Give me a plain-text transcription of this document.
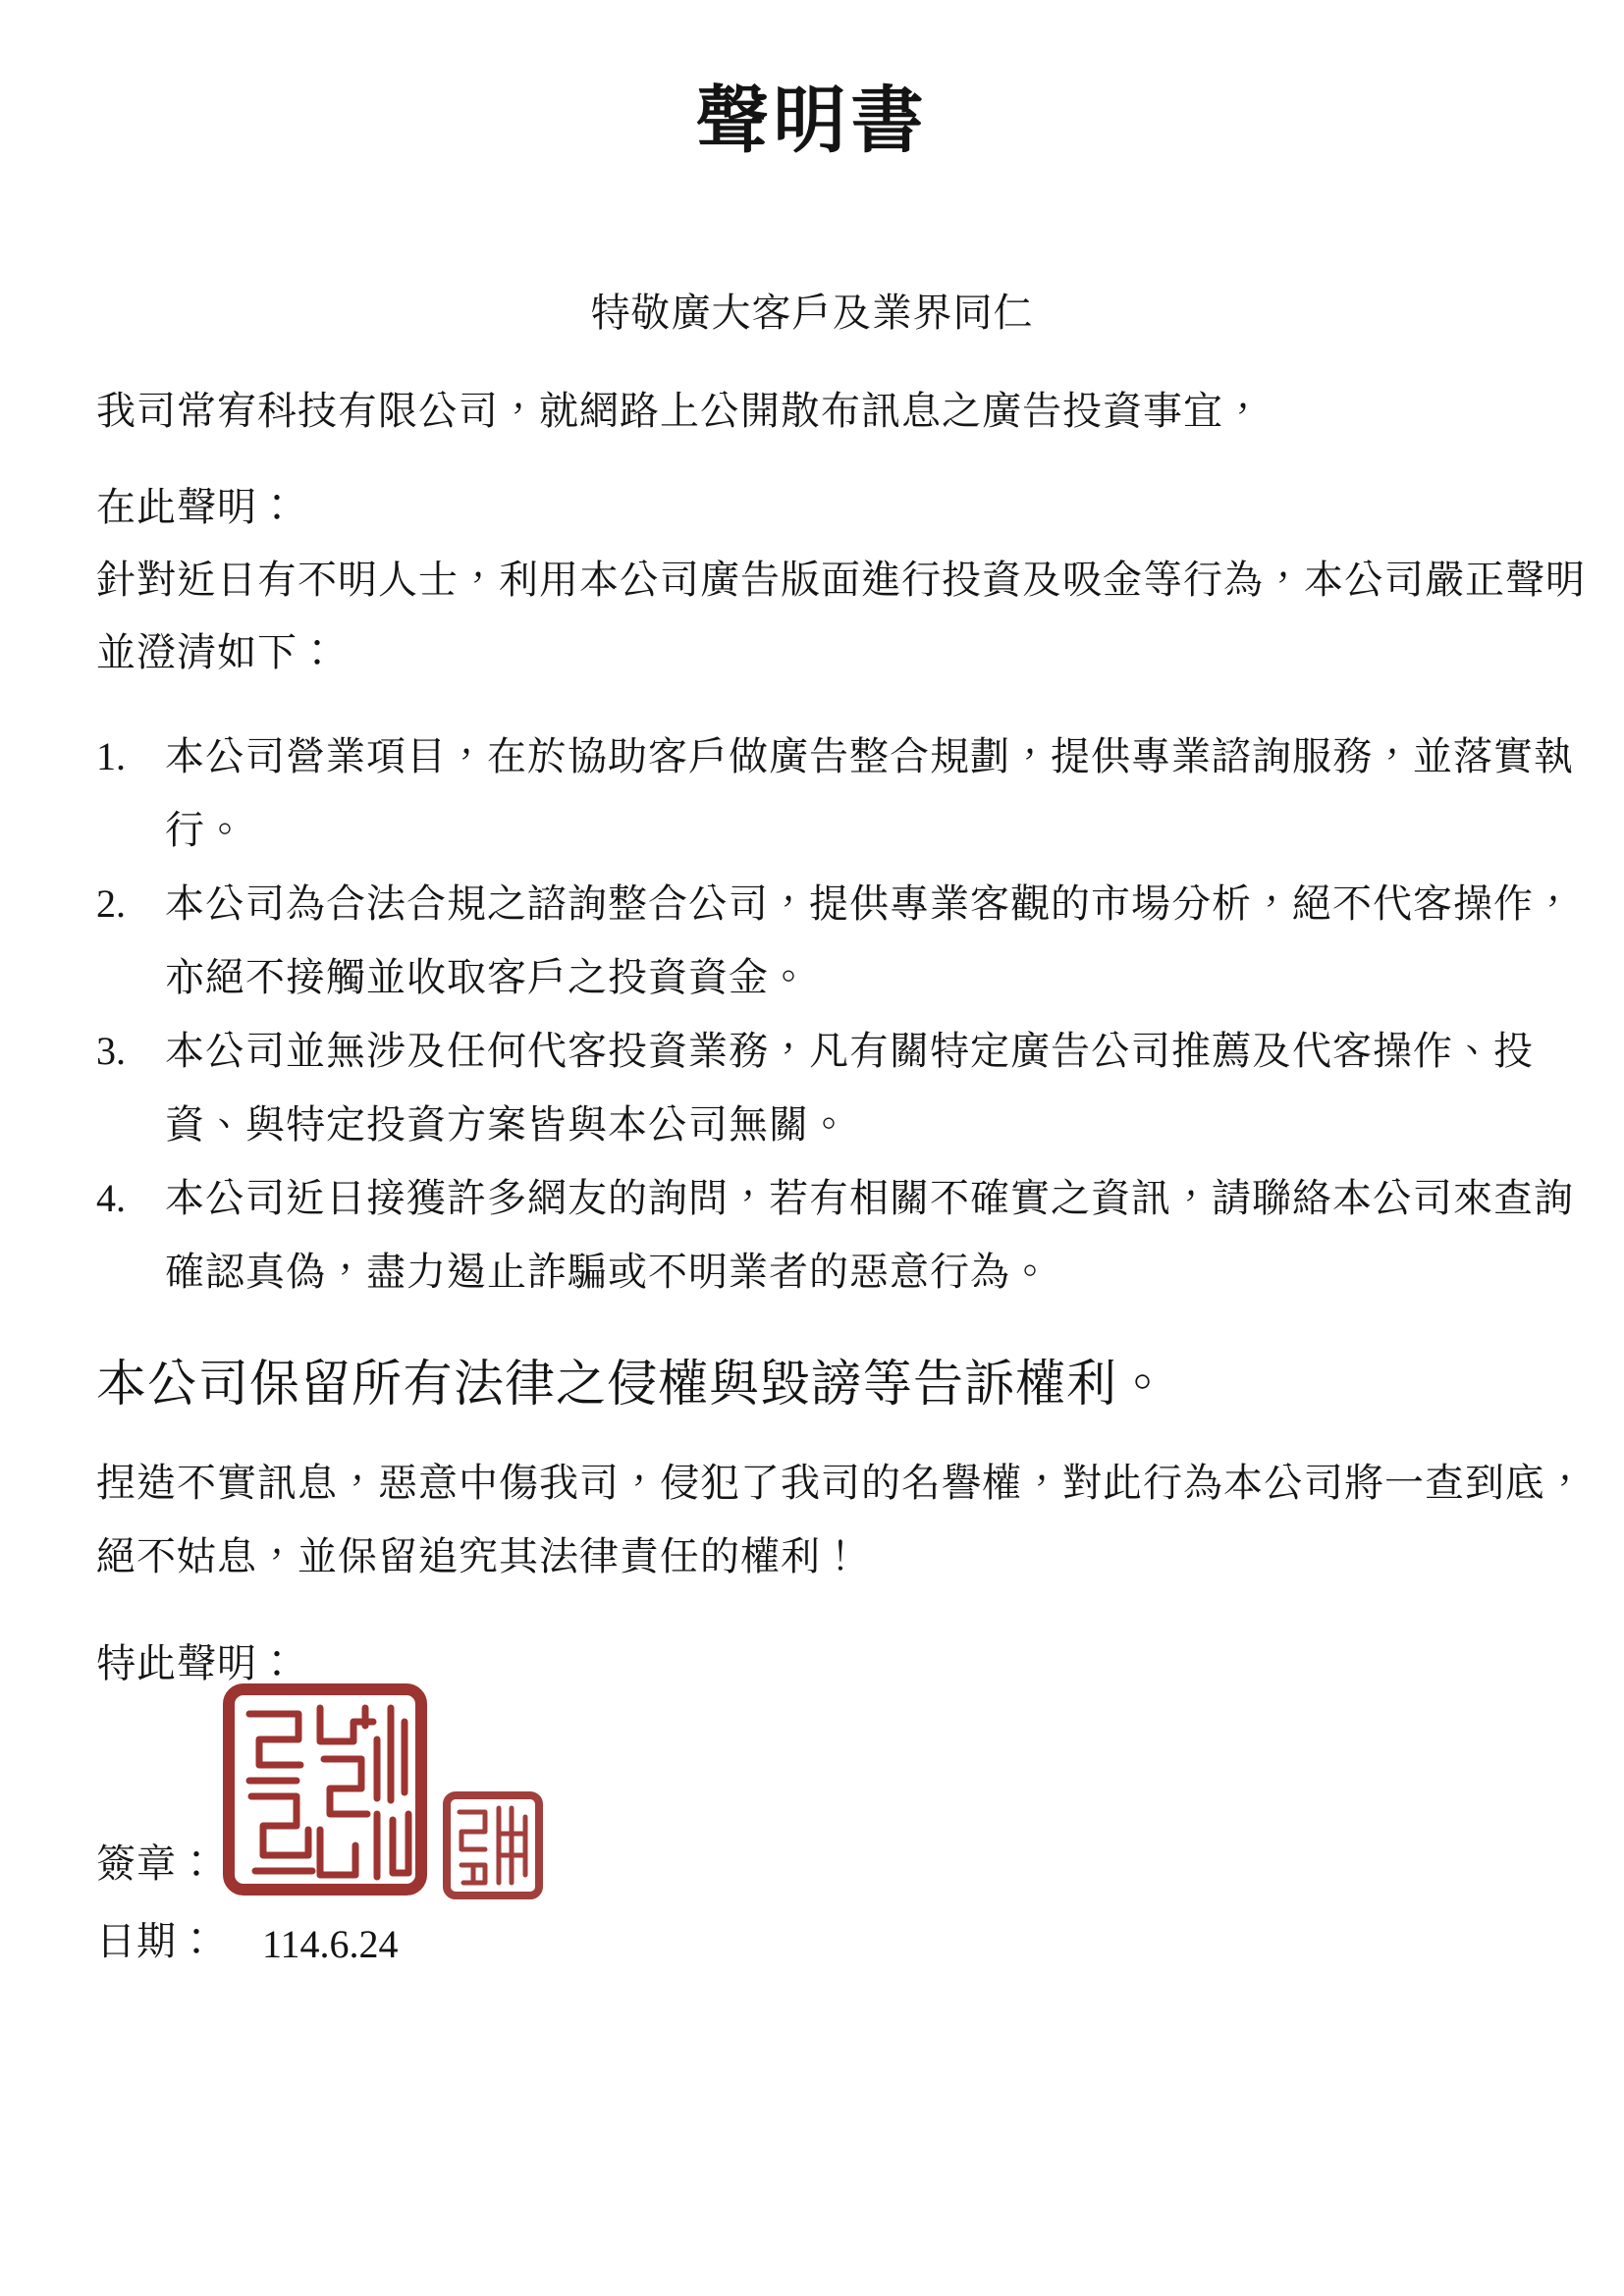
聲明書
特敬廣大客戶及業界同仁
我司常宥科技有限公司，就網路上公開散布訊息之廣告投資事宜，
在此聲明：
針對近日有不明人士，利用本公司廣告版面進行投資及吸金等行為，本公司嚴正聲明
並澄清如下：
1. 本公司營業項目，在於協助客戶做廣告整合規劃，提供專業諮詢服務，並落實執
行。
2. 本公司為合法合規之諮詢整合公司，提供專業客觀的市場分析，絕不代客操作，
亦絕不接觸並收取客戶之投資資金。
3. 本公司並無涉及任何代客投資業務，凡有關特定廣告公司推薦及代客操作、投
資、與特定投資方案皆與本公司無關。
4. 本公司近日接獲許多網友的詢問，若有相關不確實之資訊，請聯絡本公司來查詢
確認真偽，盡力遏止詐騙或不明業者的惡意行為。
本公司保留所有法律之侵權與毀謗等告訴權利。
捏造不實訊息，惡意中傷我司，侵犯了我司的名譽權，對此行為本公司將一查到底，
絕不姑息，並保留追究其法律責任的權利！
特此聲明：
簽章：
日期： 114.6.24
